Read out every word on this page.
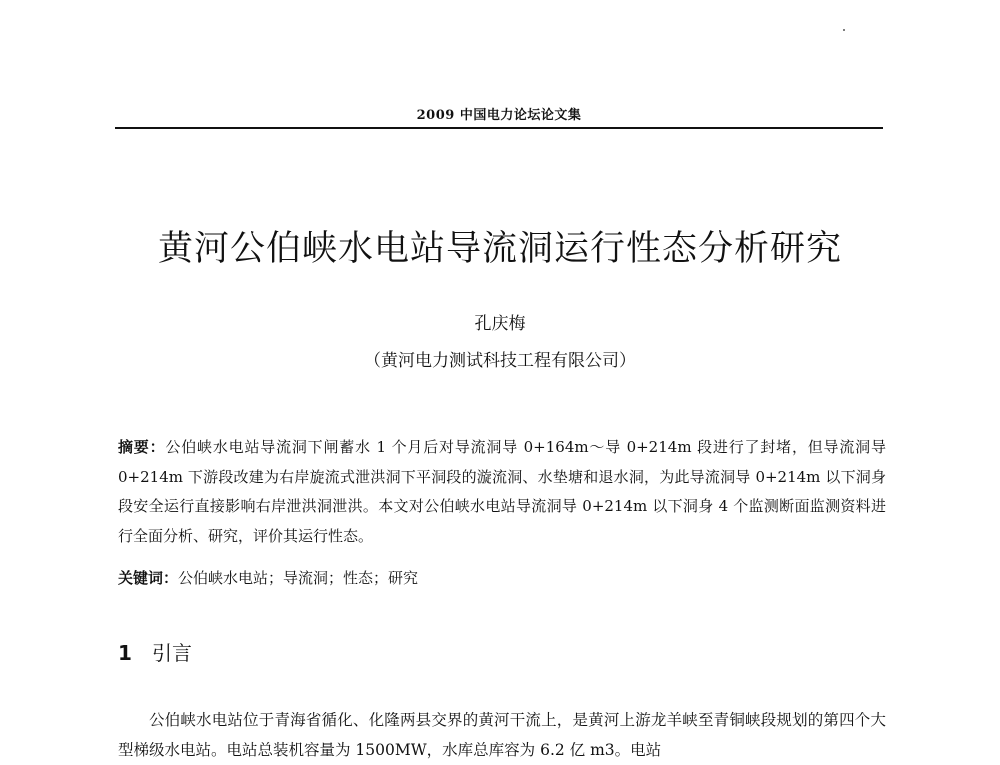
2009 中国电力论坛论文集
黄河公伯峡水电站导流洞运行性态分析研究
孔庆梅
（黄河电力测试科技工程有限公司）
摘要：公伯峡水电站导流洞下闸蓄水 1 个月后对导流洞导 0+164m～导 0+214m 段进行了封堵，但导流洞导 0+214m 下游段改建为右岸旋流式泄洪洞下平洞段的漩流洞、水垫塘和退水洞，为此导流洞导 0+214m 以下洞身段安全运行直接影响右岸泄洪洞泄洪。本文对公伯峡水电站导流洞导 0+214m 以下洞身 4 个监测断面监测资料进行全面分析、研究，评价其运行性态。
关键词：公伯峡水电站；导流洞；性态；研究
1 引言
公伯峡水电站位于青海省循化、化隆两县交界的黄河干流上，是黄河上游龙羊峡至青铜峡段规划的第四个大型梯级水电站。电站总装机容量为 1500MW，水库总库容为 6.2 亿 m3。电站
